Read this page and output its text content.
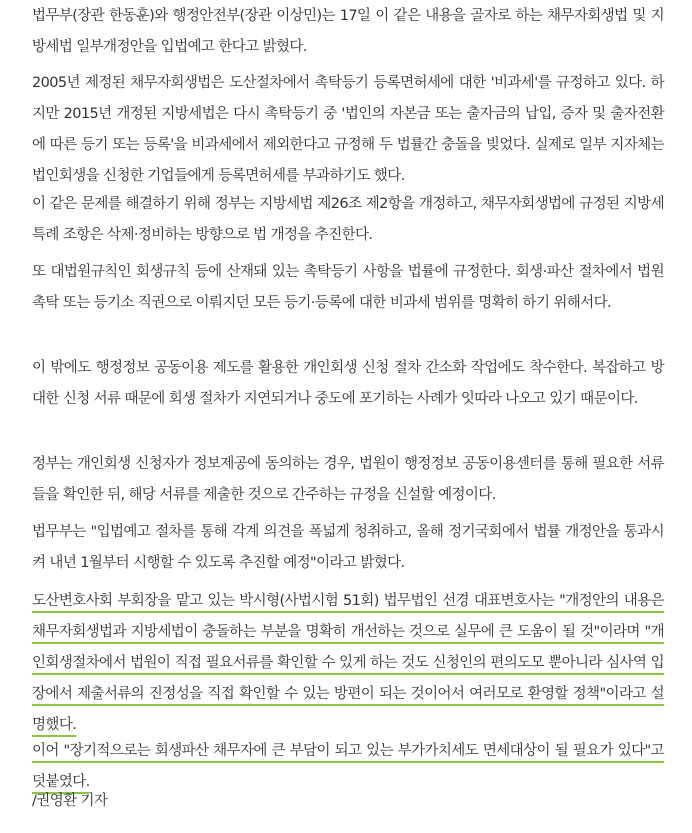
법무부(장관 한동훈)와 행정안전부(장관 이상민)는 17일 이 같은 내용을 골자로 하는 채무자회생법 및 지방세법 일부개정안을 입법예고 한다고 밝혔다.

2005년 제정된 채무자회생법은 도산절차에서 촉탁등기 등록면허세에 대한 '비과세'를 규정하고 있다. 하지만 2015년 개정된 지방세법은 다시 촉탁등기 중 '법인의 자본금 또는 출자금의 납입, 증자 및 출자전환에 따른 등기 또는 등록'을 비과세에서 제외한다고 규정해 두 법률간 충돌을 빚었다. 실제로 일부 지자체는 법인회생을 신청한 기업들에게 등록면허세를 부과하기도 했다.

이 같은 문제를 해결하기 위해 정부는 지방세법 제26조 제2항을 개정하고, 채무자회생법에 규정된 지방세특례 조항은 삭제·정비하는 방향으로 법 개정을 추진한다.

또 대법원규칙인 회생규칙 등에 산재돼 있는 촉탁등기 사항을 법률에 규정한다. 회생·파산 절차에서 법원 촉탁 또는 등기소 직권으로 이뤄지던 모든 등기·등록에 대한 비과세 범위를 명확히 하기 위해서다.

이 밖에도 행정정보 공동이용 제도를 활용한 개인회생 신청 절차 간소화 작업에도 착수한다. 복잡하고 방대한 신청 서류 때문에 회생 절차가 지연되거나 중도에 포기하는 사례가 잇따라 나오고 있기 때문이다.

정부는 개인회생 신청자가 정보제공에 동의하는 경우, 법원이 행정정보 공동이용센터를 통해 필요한 서류들을 확인한 뒤, 해당 서류를 제출한 것으로 간주하는 규정을 신설할 예정이다.

법무부는 "입법예고 절차를 통해 각계 의견을 폭넓게 청취하고, 올해 정기국회에서 법률 개정안을 통과시켜 내년 1월부터 시행할 수 있도록 추진할 예정"이라고 밝혔다.

도산변호사회 부회장을 맡고 있는 박시형(사법시험 51회) 법무법인 선경 대표변호사는 "개정안의 내용은 채무자회생법과 지방세법이 충돌하는 부분을 명확히 개선하는 것으로 실무에 큰 도움이 될 것"이라며 "개인회생절차에서 법원이 직접 필요서류를 확인할 수 있게 하는 것도 신청인의 편의도모 뿐아니라 심사역 입장에서 제출서류의 진정성을 직접 확인할 수 있는 방편이 되는 것이어서 여러모로 환영할 정책"이라고 설명했다.

이어 "장기적으로는 회생파산 채무자에 큰 부담이 되고 있는 부가가치세도 면세대상이 될 필요가 있다"고 덧붙였다.

/권영환 기자
